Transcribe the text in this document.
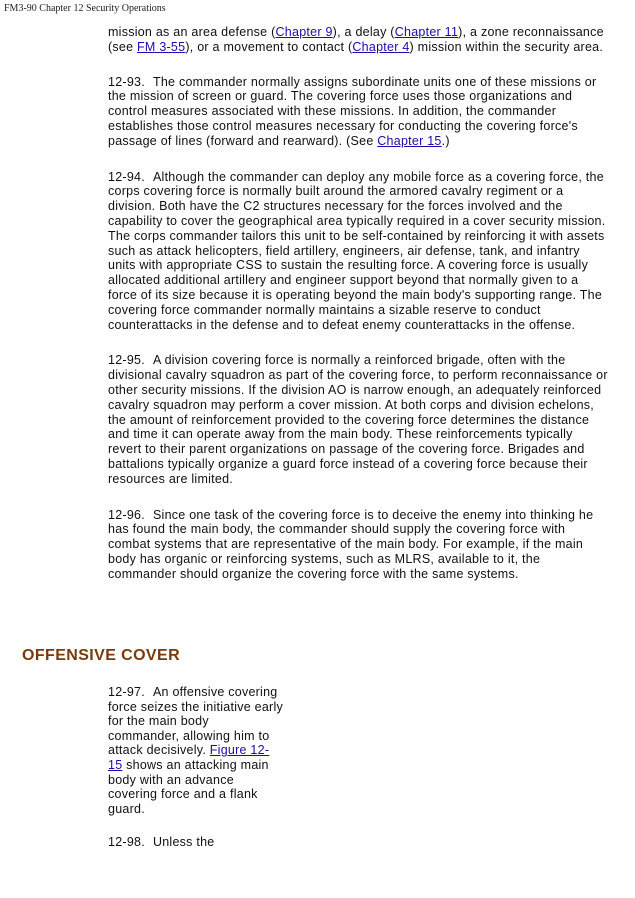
FM3-90 Chapter 12 Security Operations

mission as an area defense (Chapter 9), a delay (Chapter 11), a zone reconnaissance (see FM 3-55), or a movement to contact (Chapter 4) mission within the security area.

12-93. The commander normally assigns subordinate units one of these missions or the mission of screen or guard. The covering force uses those organizations and control measures associated with these missions. In addition, the commander establishes those control measures necessary for conducting the covering force's passage of lines (forward and rearward). (See Chapter 15.)

12-94. Although the commander can deploy any mobile force as a covering force, the corps covering force is normally built around the armored cavalry regiment or a division. Both have the C2 structures necessary for the forces involved and the capability to cover the geographical area typically required in a cover security mission. The corps commander tailors this unit to be self-contained by reinforcing it with assets such as attack helicopters, field artillery, engineers, air defense, tank, and infantry units with appropriate CSS to sustain the resulting force. A covering force is usually allocated additional artillery and engineer support beyond that normally given to a force of its size because it is operating beyond the main body's supporting range. The covering force commander normally maintains a sizable reserve to conduct counterattacks in the defense and to defeat enemy counterattacks in the offense.

12-95. A division covering force is normally a reinforced brigade, often with the divisional cavalry squadron as part of the covering force, to perform reconnaissance or other security missions. If the division AO is narrow enough, an adequately reinforced cavalry squadron may perform a cover mission. At both corps and division echelons, the amount of reinforcement provided to the covering force determines the distance and time it can operate away from the main body. These reinforcements typically revert to their parent organizations on passage of the covering force. Brigades and battalions typically organize a guard force instead of a covering force because their resources are limited.

12-96. Since one task of the covering force is to deceive the enemy into thinking he has found the main body, the commander should supply the covering force with combat systems that are representative of the main body. For example, if the main body has organic or reinforcing systems, such as MLRS, available to it, the commander should organize the covering force with the same systems.

OFFENSIVE COVER

12-97. An offensive covering force seizes the initiative early for the main body commander, allowing him to attack decisively. Figure 12-15 shows an attacking main body with an advance covering force and a flank guard.

12-98. Unless the
